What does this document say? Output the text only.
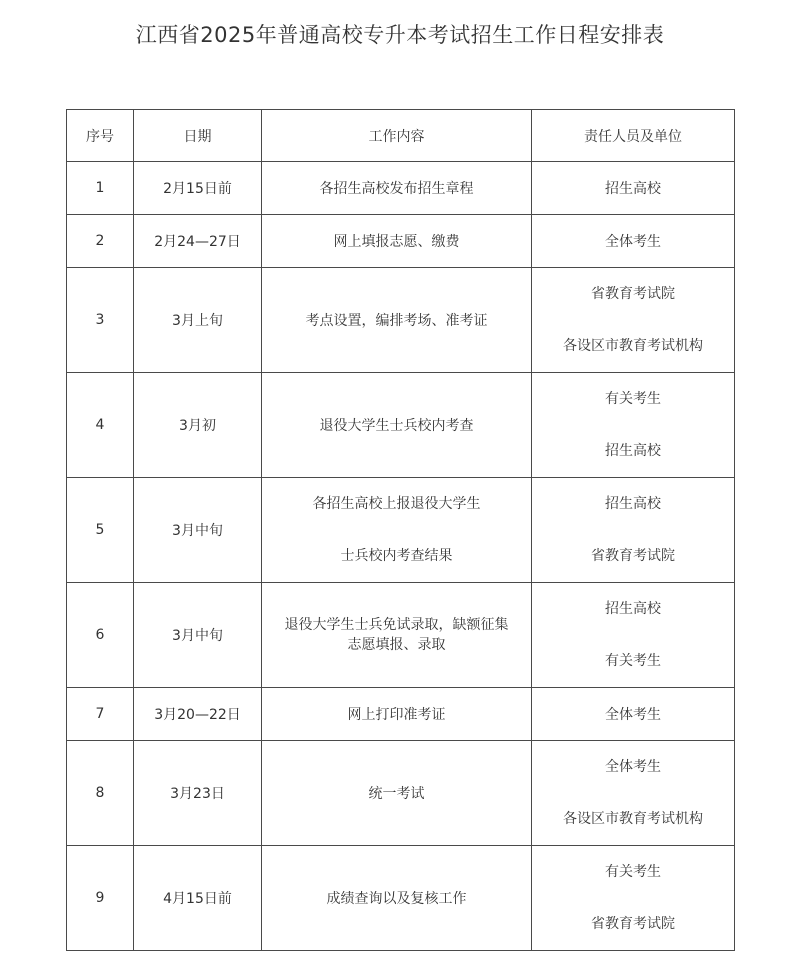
江西省2025年普通高校专升本考试招生工作日程安排表
序号	日期	工作内容	责任人员及单位
1	2月15日前	各招生高校发布招生章程	招生高校
2	2月24—27日	网上填报志愿、缴费	全体考生
3	3月上旬	考点设置，编排考场、准考证	省教育考试院
各设区市教育考试机构

4	3月初	退役大学生士兵校内考查	有关考生
招生高校

5	3月中旬	各招生高校上报退役大学生
士兵校内考查结果	招生高校
省教育考试院

6	3月中旬	退役大学生士兵免试录取，缺额征集
志愿填报、录取	招生高校
有关考生

7	3月20—22日	网上打印准考证	全体考生
8	3月23日	统一考试	全体考生
各设区市教育考试机构

9	4月15日前	成绩查询以及复核工作	有关考生
省教育考试院
